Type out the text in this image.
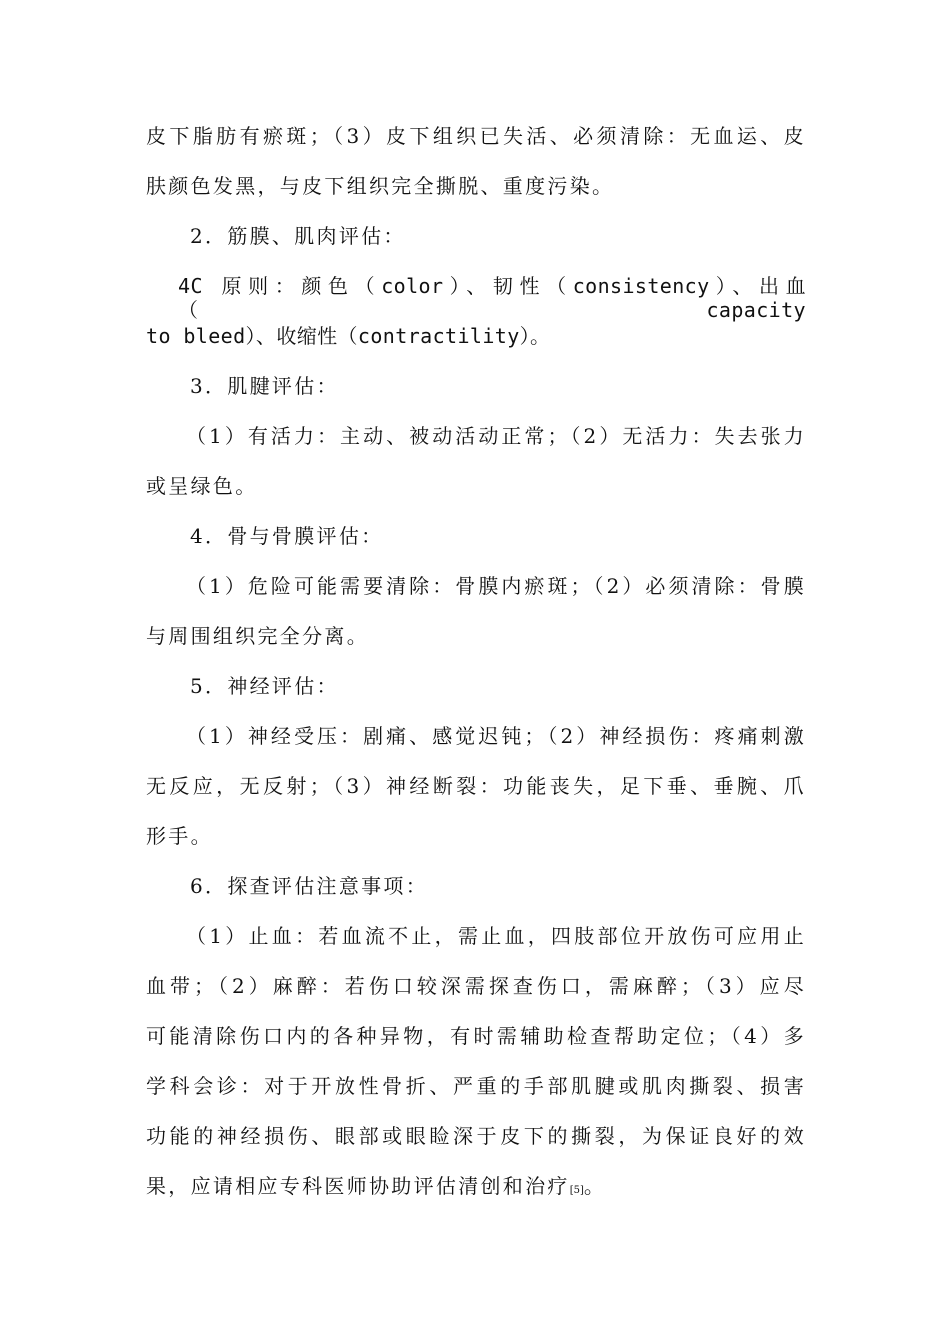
皮下脂肪有瘀斑；（3）皮下组织已失活、必须清除：无血运、皮
肤颜色发黑，与皮下组织完全撕脱、重度污染。
2．筋膜、肌肉评估：
4C 原则：颜色（color）、韧性（consistency）、出血（capacity
to bleed）、收缩性（contractility）。
3．肌腱评估：
（1）有活力：主动、被动活动正常；（2）无活力：失去张力
或呈绿色。
4．骨与骨膜评估：
（1）危险可能需要清除：骨膜内瘀斑；（2）必须清除：骨膜
与周围组织完全分离。
5．神经评估：
（1）神经受压：剧痛、感觉迟钝；（2）神经损伤：疼痛刺激
无反应，无反射；（3）神经断裂：功能丧失，足下垂、垂腕、爪
形手。
6．探查评估注意事项：
（1）止血：若血流不止，需止血，四肢部位开放伤可应用止
血带；（2）麻醉：若伤口较深需探查伤口，需麻醉；（3）应尽
可能清除伤口内的各种异物，有时需辅助检查帮助定位；（4）多
学科会诊：对于开放性骨折、严重的手部肌腱或肌肉撕裂、损害
功能的神经损伤、眼部或眼睑深于皮下的撕裂，为保证良好的效
果，应请相应专科医师协助评估清创和治疗[5]。
